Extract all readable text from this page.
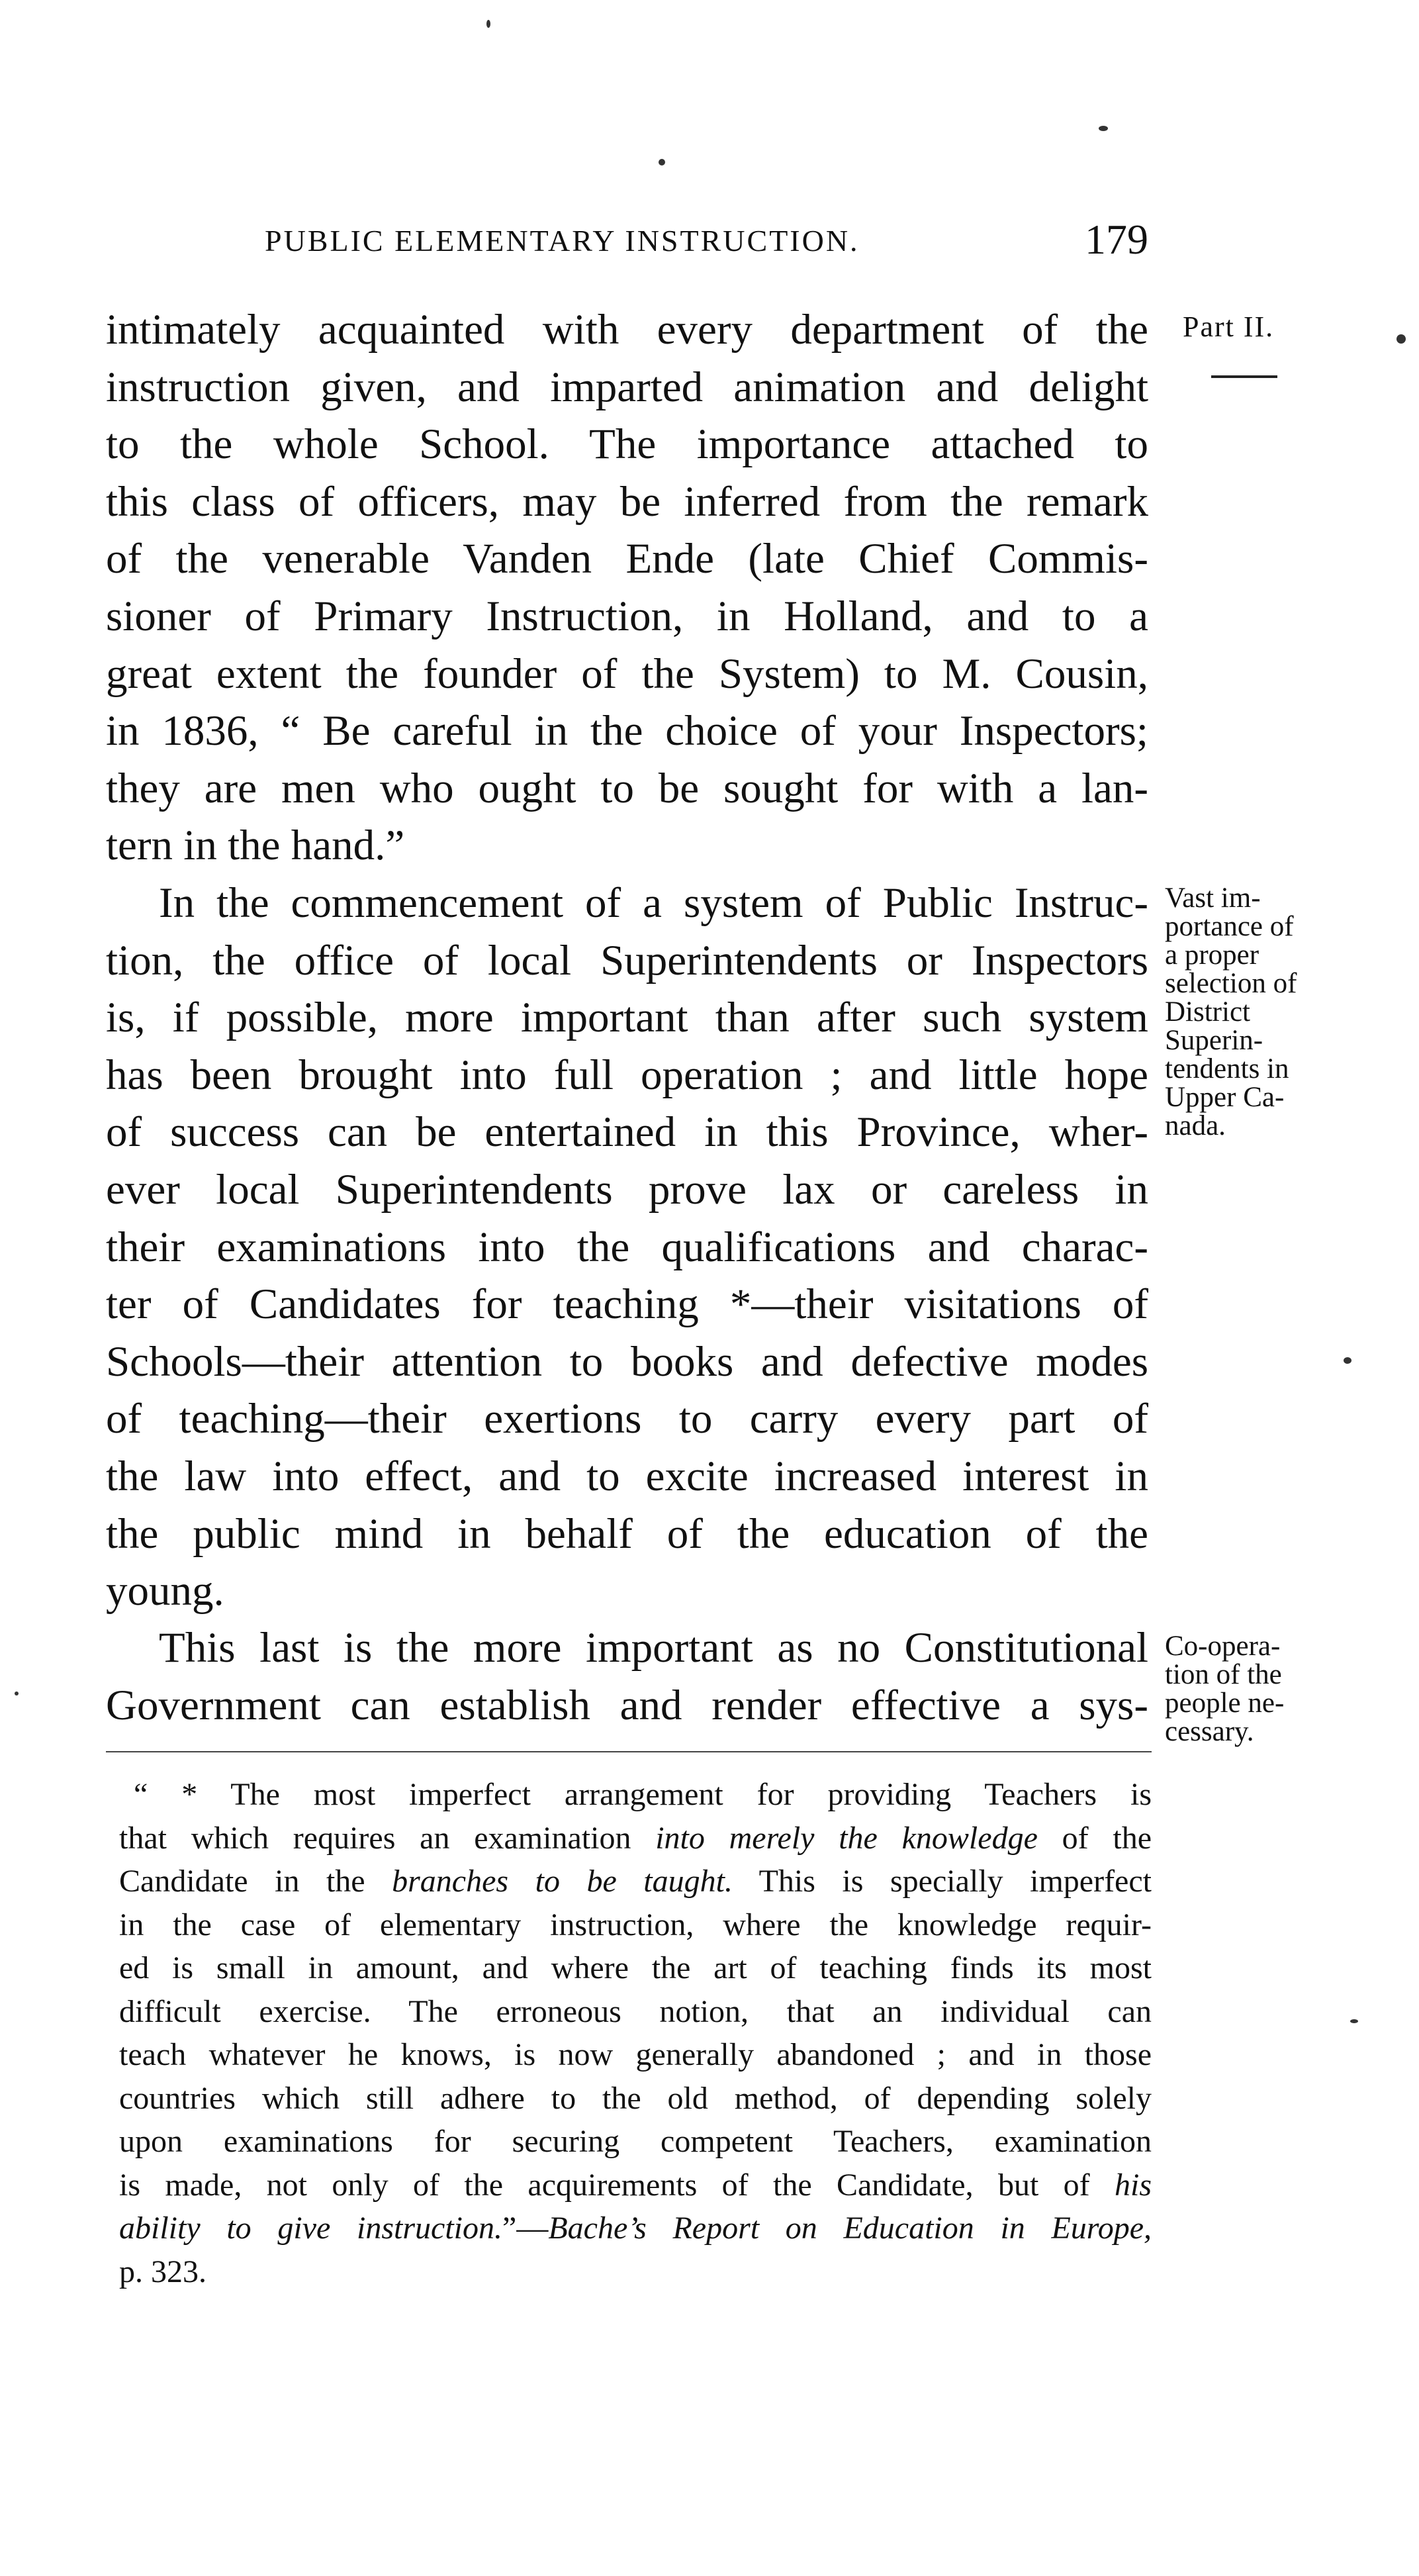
PUBLIC ELEMENTARY INSTRUCTION.	179

intimately acquainted with every department of the
instruction given, and imparted animation and delight
to the whole School. The importance attached to
this class of officers, may be inferred from the remark
of the venerable Vanden Ende (late Chief Commis-
sioner of Primary Instruction, in Holland, and to a
great extent the founder of the System) to M. Cousin,
in 1836, “ Be careful in the choice of your Inspectors;
they are men who ought to be sought for with a lan-
tern in the hand.”

In the commencement of a system of Public Instruc-
tion, the office of local Superintendents or Inspectors
is, if possible, more important than after such system
has been brought into full operation ; and little hope
of success can be entertained in this Province, wher-
ever local Superintendents prove lax or careless in
their examinations into the qualifications and charac-
ter of Candidates for teaching *—their visitations of
Schools—their attention to books and defective modes
of teaching—their exertions to carry every part of
the law into effect, and to excite increased interest in
the public mind in behalf of the education of the
young.

This last is the more important as no Constitutional
Government can establish and render effective a sys-

Part II.
Vast im-
portance of
a proper
selection of
District
Superin-
tendents in
Upper Ca-
nada.
Co-opera-
tion of the
people ne-
cessary.
“ * The most imperfect arrangement for providing Teachers is
that which requires an examination into merely the knowledge of the
Candidate in the branches to be taught. This is specially imperfect
in the case of elementary instruction, where the knowledge requir-
ed is small in amount, and where the art of teaching finds its most
difficult exercise. The erroneous notion, that an individual can
teach whatever he knows, is now generally abandoned ; and in those
countries which still adhere to the old method, of depending solely
upon examinations for securing competent Teachers, examination
is made, not only of the acquirements of the Candidate, but of his
ability to give instruction.”—Bache’s Report on Education in Europe,
p. 323.
